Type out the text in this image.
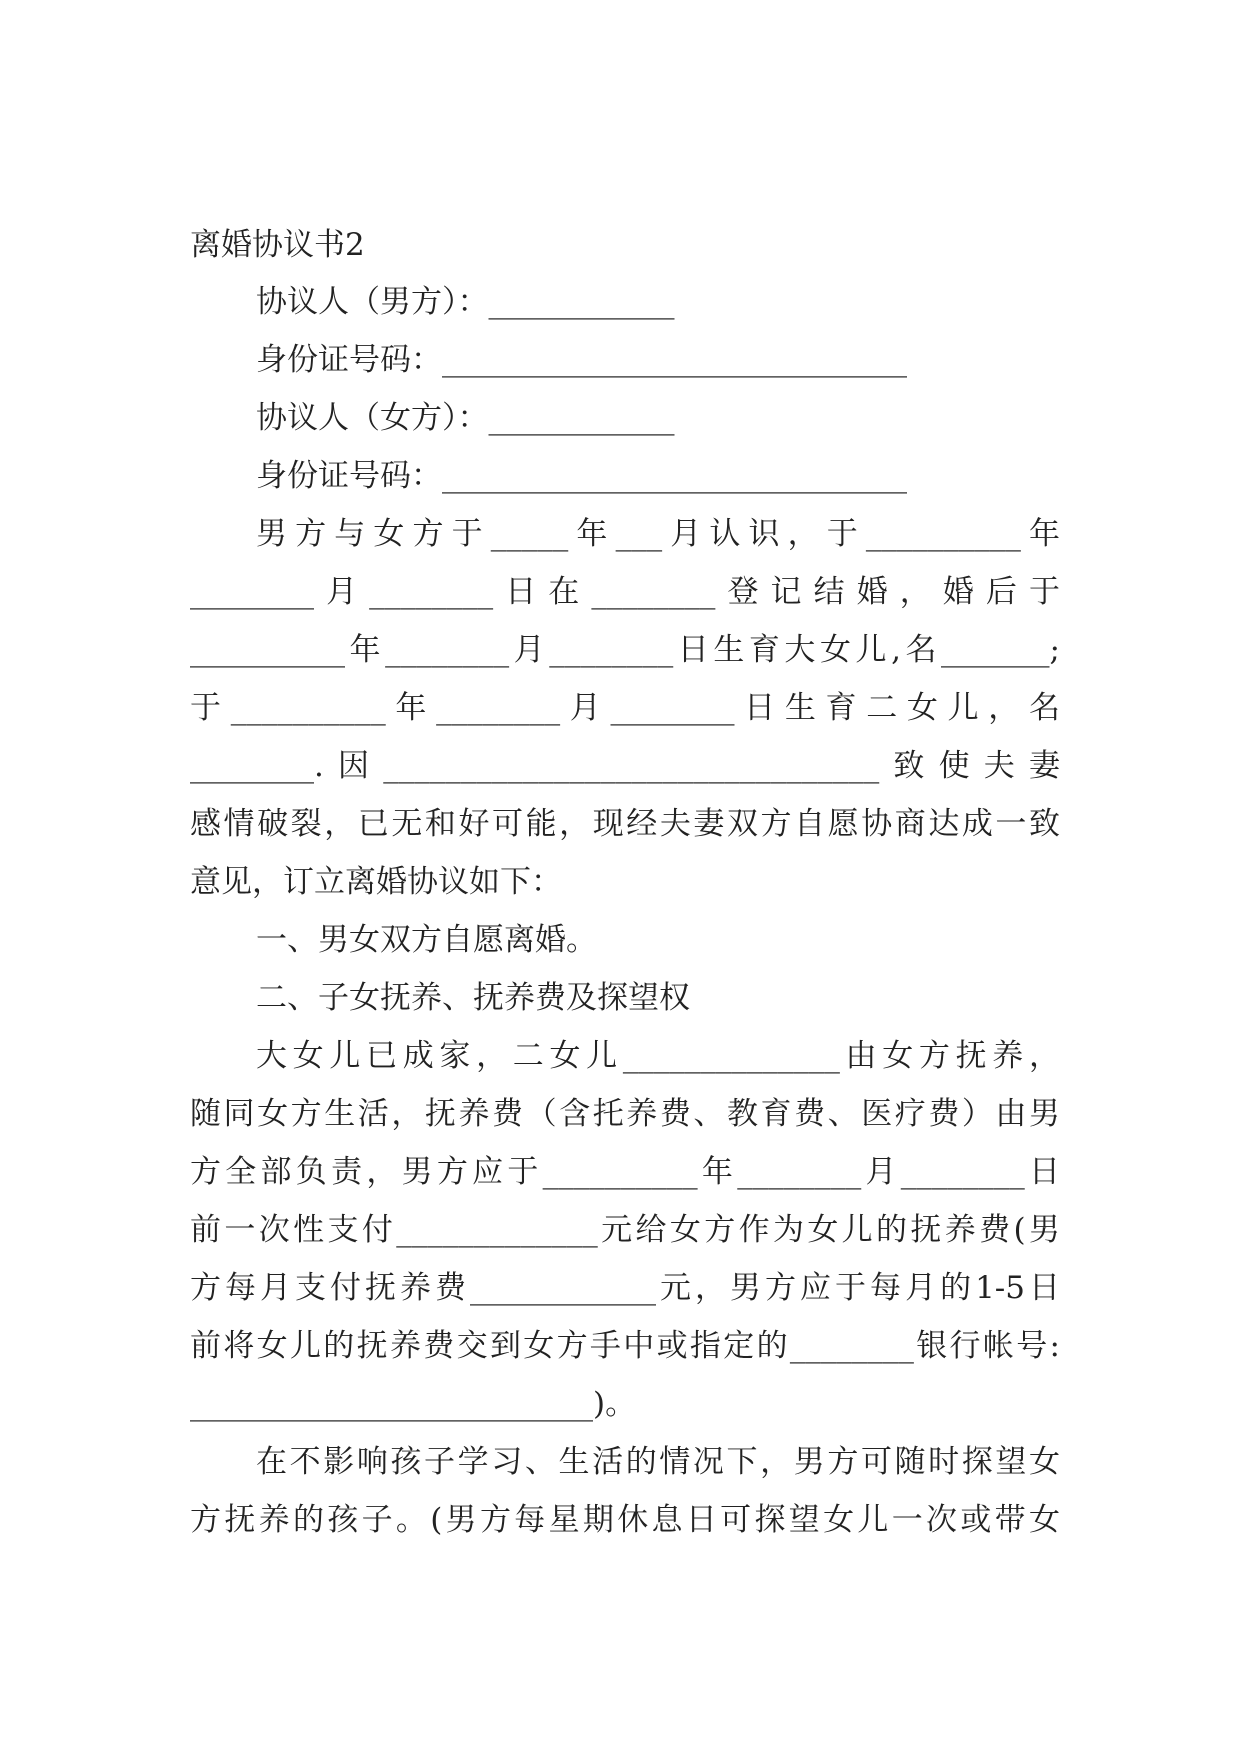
离婚协议书2
协议人（男方）：____________
身份证号码：______________________________
协议人（女方）：____________
身份证号码：______________________________
男方与女方于_____年___月认识，于__________年
________月________日在________登记结婚，婚后于
__________年________月________日生育大女儿,名_______;
于__________年________月________日生育二女儿，名
________.因________________________________致使夫妻
感情破裂，已无和好可能，现经夫妻双方自愿协商达成一致
意见，订立离婚协议如下：
一、男女双方自愿离婚。
二、子女抚养、抚养费及探望权
大女儿已成家，二女儿______________由女方抚养，
随同女方生活，抚养费（含托养费、教育费、医疗费）由男
方全部负责，男方应于__________年________月________日
前一次性支付_____________元给女方作为女儿的抚养费(男
方每月支付抚养费____________元，男方应于每月的1-5日
前将女儿的抚养费交到女方手中或指定的________银行帐号:
__________________________)。
在不影响孩子学习、生活的情况下，男方可随时探望女
方抚养的孩子。(男方每星期休息日可探望女儿一次或带女
